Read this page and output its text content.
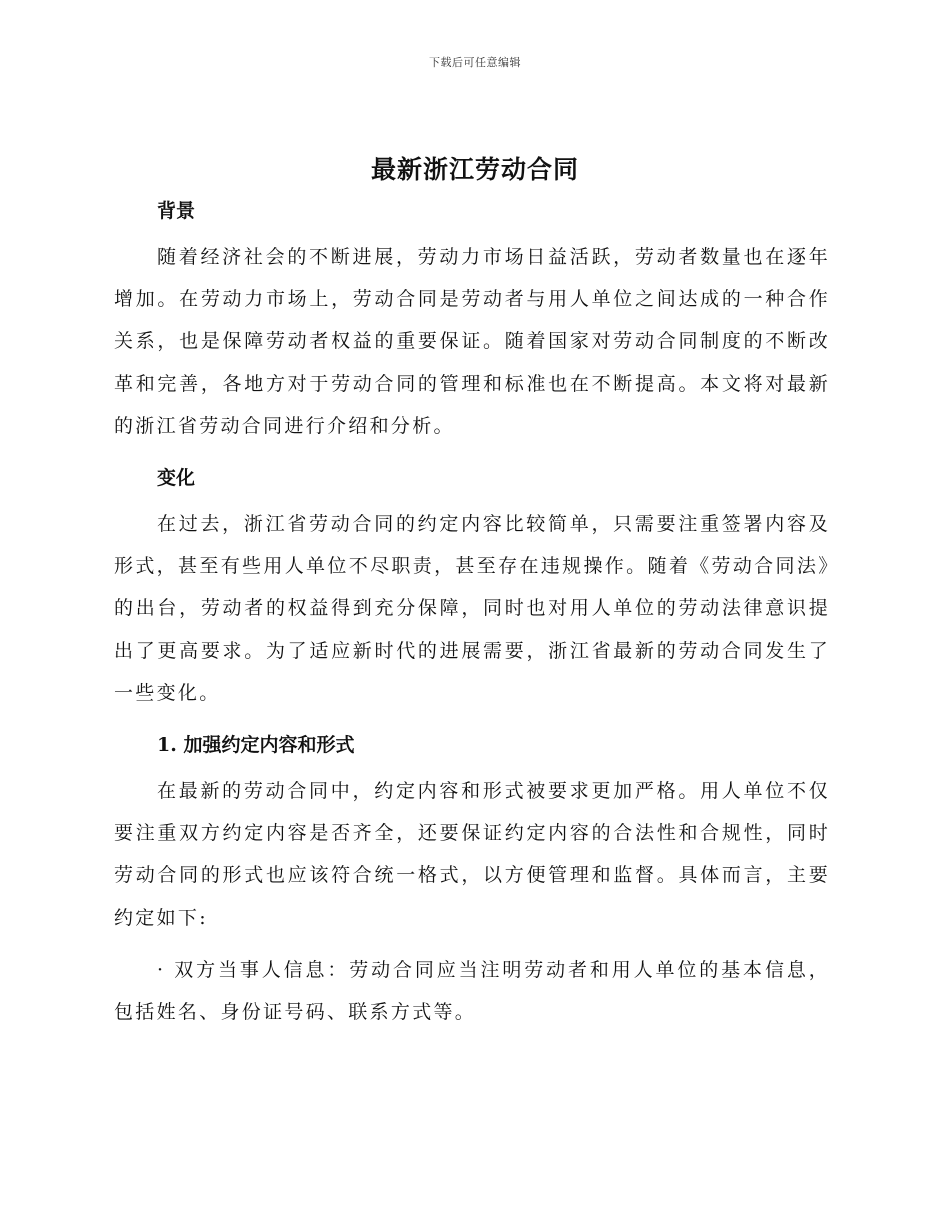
下载后可任意编辑
最新浙江劳动合同
背景

随着经济社会的不断进展，劳动力市场日益活跃，劳动者数量也在逐年增加。在劳动力市场上，劳动合同是劳动者与用人单位之间达成的一种合作关系，也是保障劳动者权益的重要保证。随着国家对劳动合同制度的不断改革和完善，各地方对于劳动合同的管理和标准也在不断提高。本文将对最新的浙江省劳动合同进行介绍和分析。

变化

在过去，浙江省劳动合同的约定内容比较简单，只需要注重签署内容及形式，甚至有些用人单位不尽职责，甚至存在违规操作。随着《劳动合同法》的出台，劳动者的权益得到充分保障，同时也对用人单位的劳动法律意识提出了更高要求。为了适应新时代的进展需要，浙江省最新的劳动合同发生了一些变化。

1. 加强约定内容和形式

在最新的劳动合同中，约定内容和形式被要求更加严格。用人单位不仅要注重双方约定内容是否齐全，还要保证约定内容的合法性和合规性，同时劳动合同的形式也应该符合统一格式，以方便管理和监督。具体而言，主要约定如下:

· 双方当事人信息：劳动合同应当注明劳动者和用人单位的基本信息，包括姓名、身份证号码、联系方式等。
